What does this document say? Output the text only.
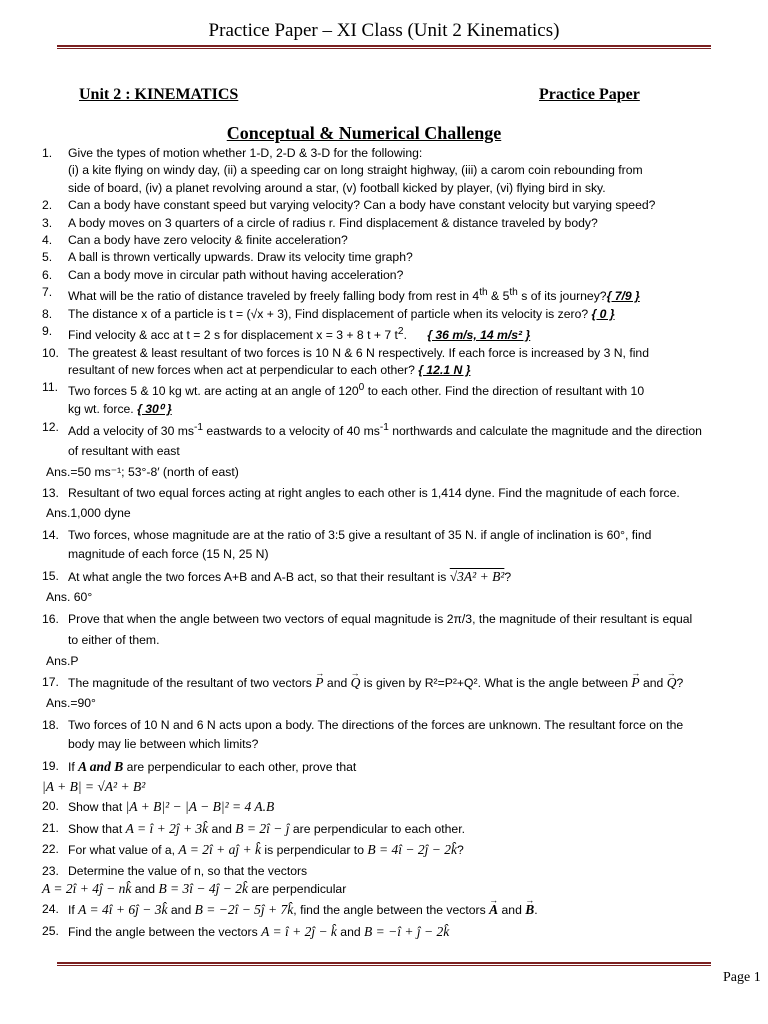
Practice Paper – XI Class (Unit 2 Kinematics)
Unit 2 : KINEMATICS	Practice Paper
Conceptual & Numerical Challenge
1. Give the types of motion whether 1-D, 2-D & 3-D for the following:
(i) a kite flying on windy day, (ii) a speeding car on long straight highway, (iii) a carom coin rebounding from
side of board, (iv) a planet revolving around a star, (v) football kicked by player, (vi) flying bird in sky.
2. Can a body have constant speed but varying velocity? Can a body have constant velocity but varying speed?
3. A body moves on 3 quarters of a circle of radius r. Find displacement & distance traveled by body?
4. Can a body have zero velocity & finite acceleration?
5. A ball is thrown vertically upwards. Draw its velocity time graph?
6. Can a body move in circular path without having acceleration?
7. What will be the ratio of distance traveled by freely falling body from rest in 4th & 5th s of its journey?{ 7/9 }
8. The distance x of a particle is t = (√x + 3), Find displacement of particle when its velocity is zero? { 0 }
9. Find velocity & acc at t = 2 s for displacement x = 3 + 8 t + 7 $t^2$.      { 36 m/s, 14 m/s² }
10. The greatest & least resultant of two forces is 10 N & 6 N respectively. If each force is increased by 3 N, find
resultant of new forces when act at perpendicular to each other? { 12.1 N }
11. Two forces 5 & 10 kg wt. are acting at an angle of $120^0$ to each other. Find the direction of resultant with 10
kg wt. force. { 30⁰ }
12. Add a velocity of 30 $ms^{-1}$ eastwards to a velocity of 40 $ms^{-1}$ northwards and calculate the magnitude and the direction
of resultant with east
Ans.=50 ms⁻¹; 53°-8′ (north of east)
13. Resultant of two equal forces acting at right angles to each other is 1,414 dyne. Find the magnitude of each force.
Ans.1,000 dyne
14. Two forces, whose magnitude are at the ratio of 3:5 give a resultant of 35 N. if angle of inclination is 60°, find
magnitude of each force (15 N, 25 N)
15. At what angle the two forces A+B and A-B act, so that their resultant is √3A² + B²?
Ans. 60°
16. Prove that when the angle between two vectors of equal magnitude is 2π/3, the magnitude of their resultant is equal
to either of them.
Ans.P
17. The magnitude of the resultant of two vectors → P and → Q is given by R²=P²+Q². What is the angle between → P and → Q?
Ans.=90°
18. Two forces of 10 N and 6 N acts upon a body. The directions of the forces are unknown. The resultant force on the
body may lie between which limits?
19. If A and B are perpendicular to each other, prove that
|A + B| = √A² + B²
20. Show that |A + B|² − |A − B|² = 4 A.B
21. Show that A = î + 2ĵ + 3k̂ and B = 2î − ĵ are perpendicular to each other.
22. For what value of a, A = 2î + aĵ + k̂ is perpendicular to B = 4î − 2ĵ − 2k̂?
23. Determine the value of n, so that the vectors
A = 2î + 4ĵ − nk̂ and B = 3î − 4ĵ − 2k̂ are perpendicular
24. If A = 4î + 6ĵ − 3k̂ and B = −2î − 5ĵ + 7k̂, find the angle between the vectors → A and → B.
25. Find the angle between the vectors A = î + 2ĵ − k̂ and B = −î + ĵ − 2k̂
Page 1
